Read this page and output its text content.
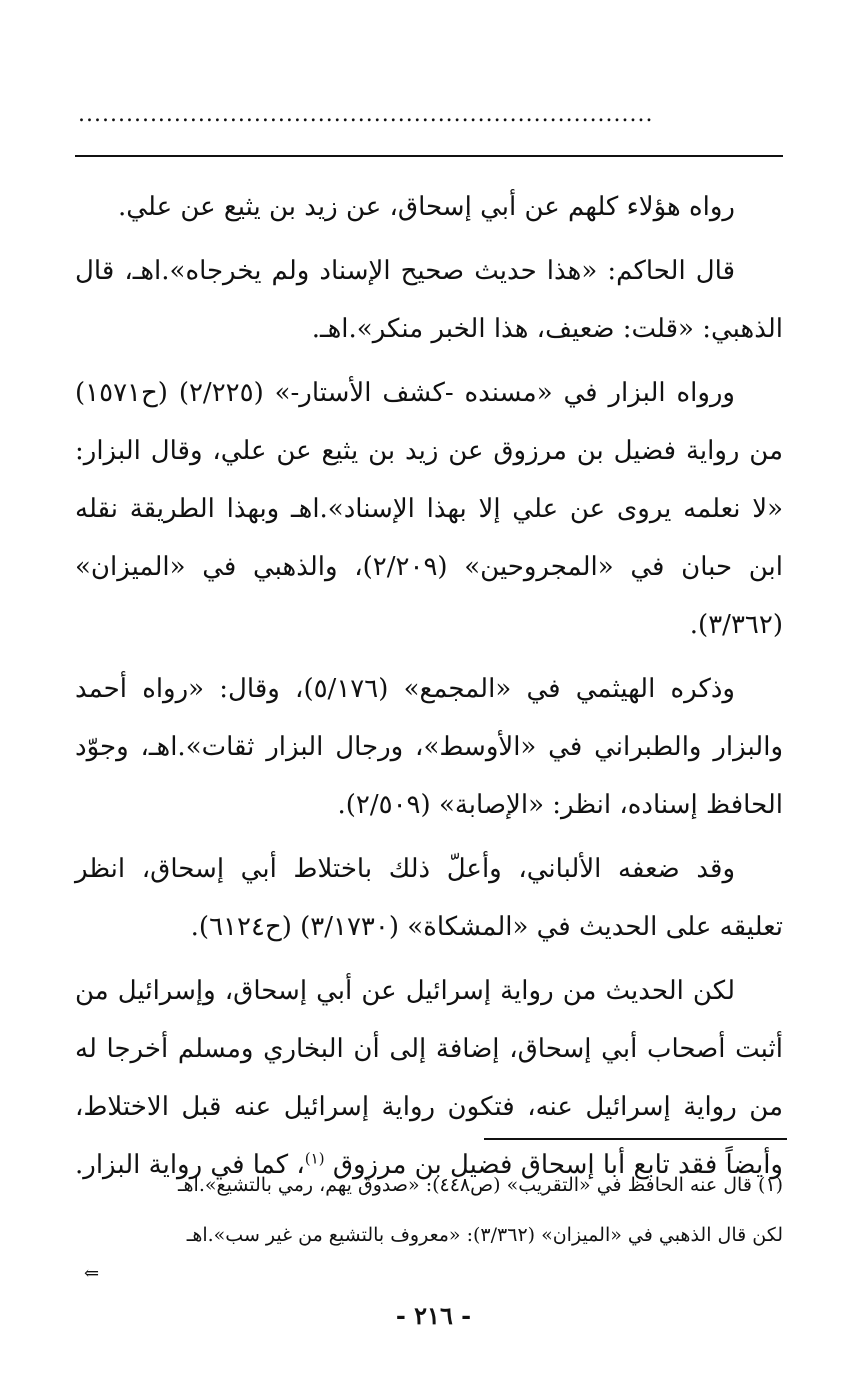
........................................................................

رواه هؤلاء كلهم عن أبي إسحاق، عن زيد بن يثيع عن علي.

قال الحاكم: «هذا حديث صحيح الإسناد ولم يخرجاه».اهـ، قال الذهبي: «قلت: ضعيف، هذا الخبر منكر».اهـ.

ورواه البزار في «مسنده -كشف الأستار-» (٢/٢٢٥) (ح١٥٧١) من رواية فضيل بن مرزوق عن زيد بن يثيع عن علي، وقال البزار: «لا نعلمه يروى عن علي إلا بهذا الإسناد».اهـ وبهذا الطريقة نقله ابن حبان في «المجروحين» (٢/٢٠٩)، والذهبي في «الميزان» (٣/٣٦٢).

وذكره الهيثمي في «المجمع» (٥/١٧٦)، وقال: «رواه أحمد والبزار والطبراني في «الأوسط»، ورجال البزار ثقات».اهـ، وجوّد الحافظ إسناده، انظر: «الإصابة» (٢/٥٠٩).

وقد ضعفه الألباني، وأعلّ ذلك باختلاط أبي إسحاق، انظر تعليقه على الحديث في «المشكاة» (٣/١٧٣٠) (ح٦١٢٤).

لكن الحديث من رواية إسرائيل عن أبي إسحاق، وإسرائيل من أثبت أصحاب أبي إسحاق، إضافة إلى أن البخاري ومسلم أخرجا له من رواية إسرائيل عنه، فتكون رواية إسرائيل عنه قبل الاختلاط، وأيضاً فقد تابع أبا إسحاق فضيل بن مرزوق $^{(١)}$، كما في رواية البزار.

(١) قال عنه الحافظ في «التقريب» (ص٤٤٨): «صدوق يهم، رمي بالتشيع».اهـ

لكن قال الذهبي في «الميزان» (٣/٣٦٢): «معروف بالتشيع من غير سب».اهـ

⇐
- ٢١٦ -
